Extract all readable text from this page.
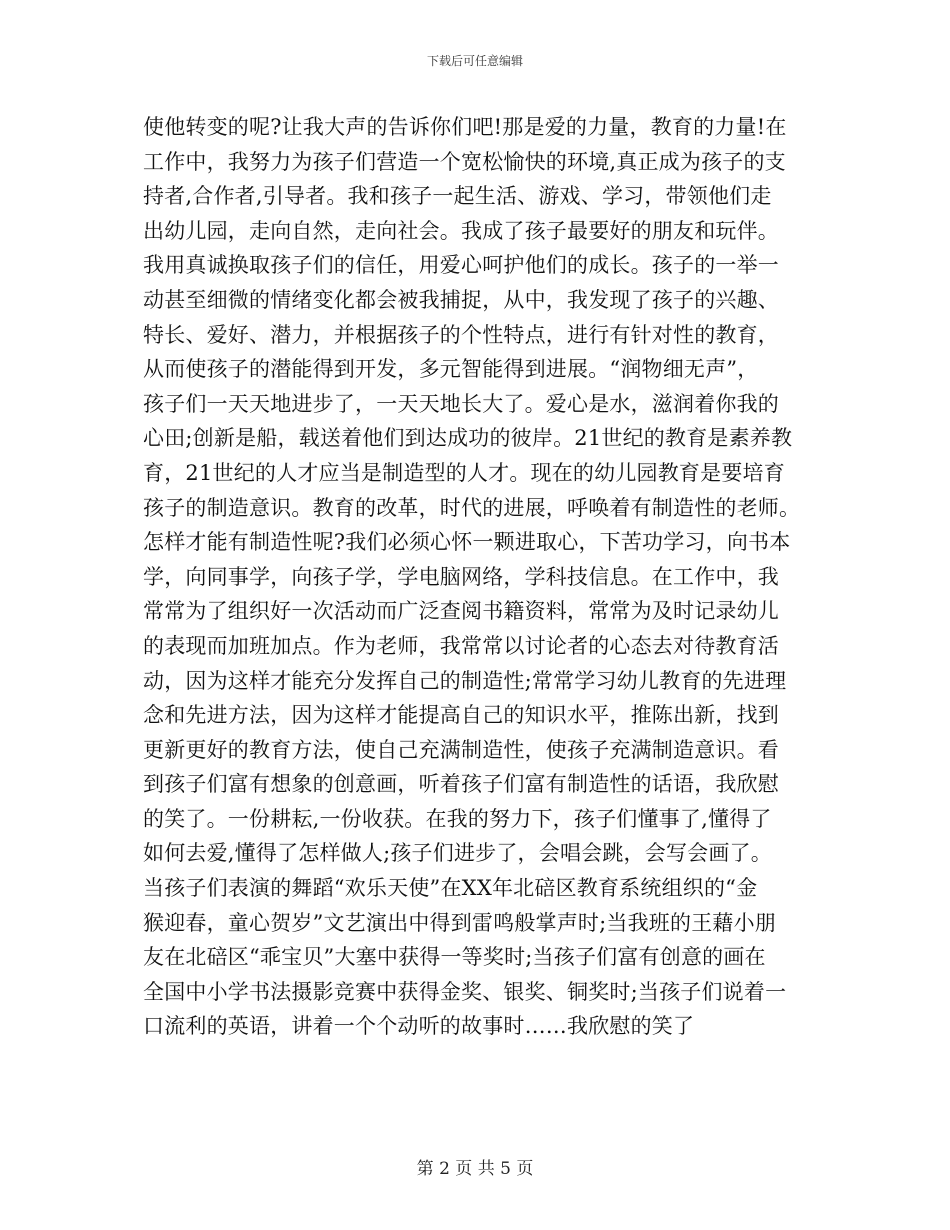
下载后可任意编辑
使他转变的呢?让我大声的告诉你们吧!那是爱的力量，教育的力量!在
工作中，我努力为孩子们营造一个宽松愉快的环境,真正成为孩子的支
持者,合作者,引导者。我和孩子一起生活、游戏、学习，带领他们走
出幼儿园，走向自然，走向社会。我成了孩子最要好的朋友和玩伴。
我用真诚换取孩子们的信任，用爱心呵护他们的成长。孩子的一举一
动甚至细微的情绪变化都会被我捕捉，从中，我发现了孩子的兴趣、
特长、爱好、潜力，并根据孩子的个性特点，进行有针对性的教育，
从而使孩子的潜能得到开发，多元智能得到进展。“润物细无声”，
孩子们一天天地进步了，一天天地长大了。爱心是水，滋润着你我的
心田;创新是船，载送着他们到达成功的彼岸。21世纪的教育是素养教
育，21世纪的人才应当是制造型的人才。现在的幼儿园教育是要培育
孩子的制造意识。教育的改革，时代的进展，呼唤着有制造性的老师。
怎样才能有制造性呢?我们必须心怀一颗进取心，下苦功学习，向书本
学，向同事学，向孩子学，学电脑网络，学科技信息。在工作中，我
常常为了组织好一次活动而广泛查阅书籍资料，常常为及时记录幼儿
的表现而加班加点。作为老师，我常常以讨论者的心态去对待教育活
动，因为这样才能充分发挥自己的制造性;常常学习幼儿教育的先进理
念和先进方法，因为这样才能提高自己的知识水平，推陈出新，找到
更新更好的教育方法，使自己充满制造性，使孩子充满制造意识。看
到孩子们富有想象的创意画，听着孩子们富有制造性的话语，我欣慰
的笑了。一份耕耘,一份收获。在我的努力下，孩子们懂事了,懂得了
如何去爱,懂得了怎样做人;孩子们进步了，会唱会跳，会写会画了。
当孩子们表演的舞蹈“欢乐天使”在XX年北碚区教育系统组织的“金
猴迎春，童心贺岁”文艺演出中得到雷鸣般掌声时;当我班的王藉小朋
友在北碚区“乖宝贝”大塞中获得一等奖时;当孩子们富有创意的画在
全国中小学书法摄影竞赛中获得金奖、银奖、铜奖时;当孩子们说着一
口流利的英语，讲着一个个动听的故事时……我欣慰的笑了
第 2 页 共 5 页
